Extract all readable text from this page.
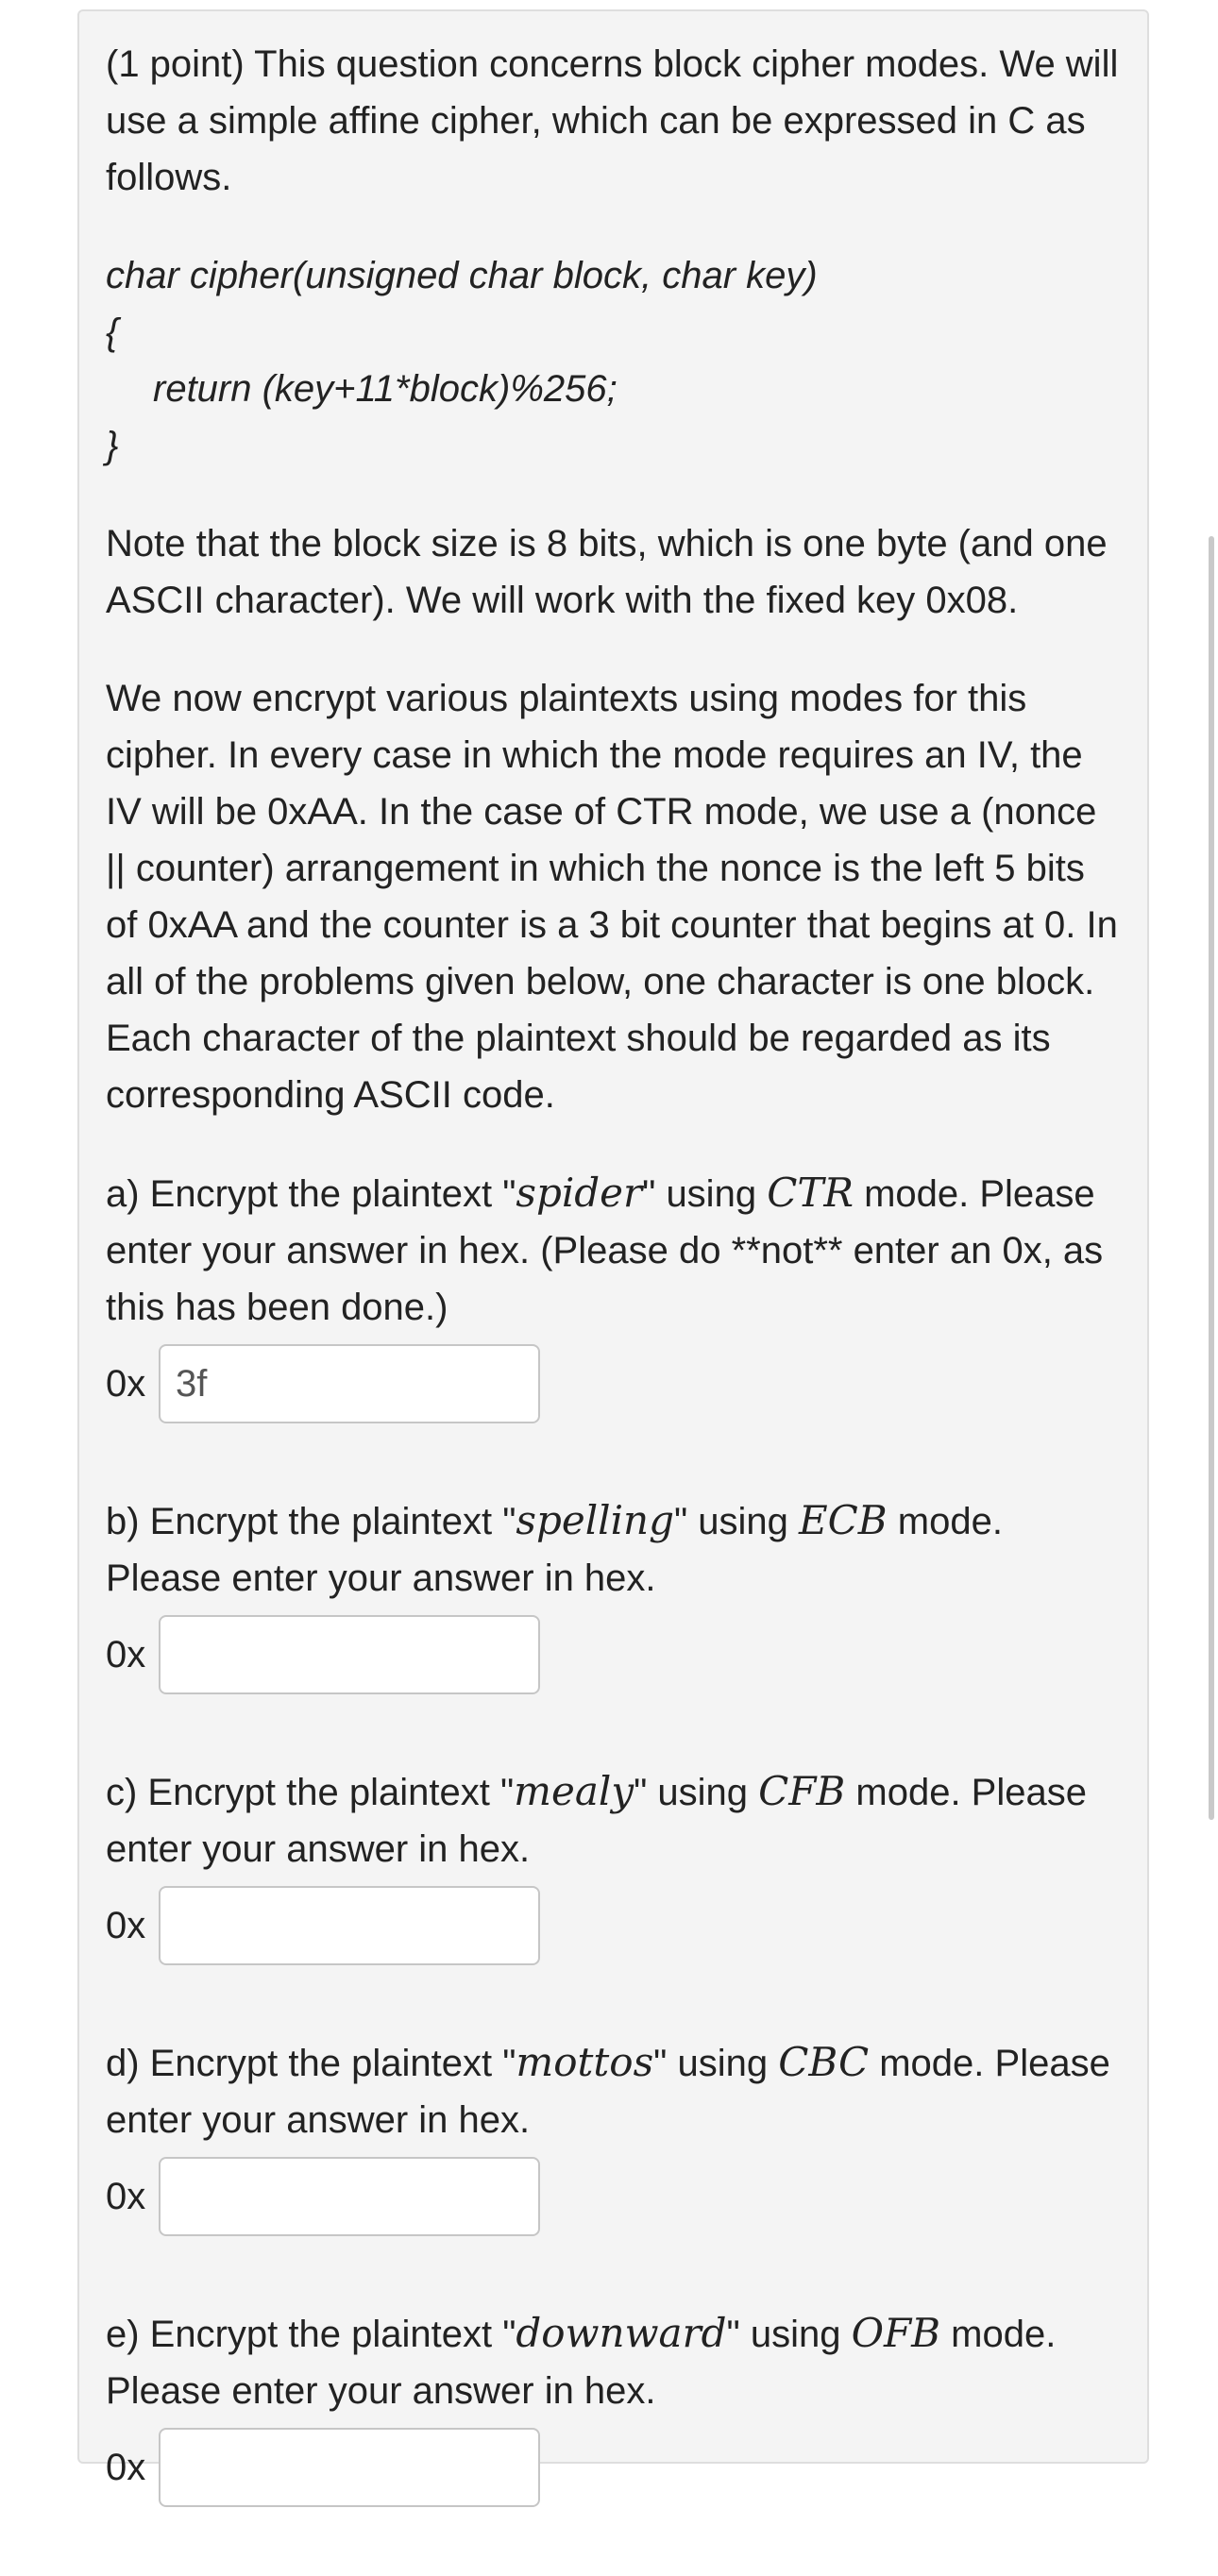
(1 point) This question concerns block cipher modes. We will use a simple affine cipher, which can be expressed in C as follows.

char cipher(unsigned char block, char key)
{
return (key+11*block)%256;
}

Note that the block size is 8 bits, which is one byte (and one ASCII character). We will work with the fixed key 0x08.

We now encrypt various plaintexts using modes for this cipher. In every case in which the mode requires an IV, the IV will be 0xAA. In the case of CTR mode, we use a (nonce || counter) arrangement in which the nonce is the left 5 bits of 0xAA and the counter is a 3 bit counter that begins at 0. In all of the problems given below, one character is one block. Each character of the plaintext should be regarded as its corresponding ASCII code.

a) Encrypt the plaintext "spider" using CTR mode. Please enter your answer in hex. (Please do **not** enter an 0x, as this has been done.)

0x
3f

b) Encrypt the plaintext "spelling" using ECB mode. Please enter your answer in hex.

0x

c) Encrypt the plaintext "mealy" using CFB mode. Please enter your answer in hex.

0x

d) Encrypt the plaintext "mottos" using CBC mode. Please enter your answer in hex.

0x

e) Encrypt the plaintext "downward" using OFB mode. Please enter your answer in hex.

0x
